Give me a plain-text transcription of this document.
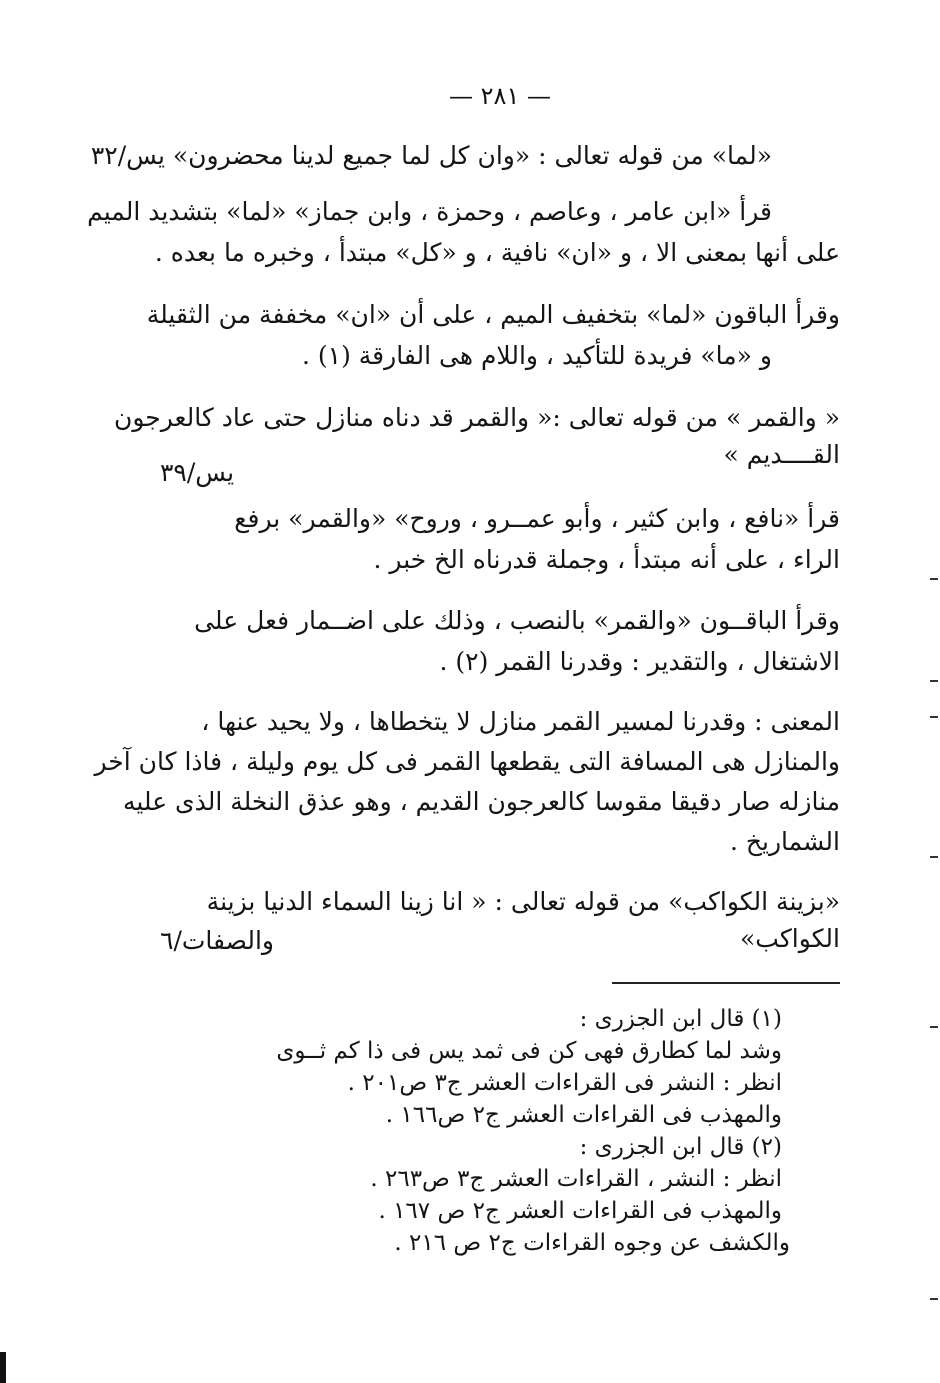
— ٢٨١ —
«لما» من قوله تعالى : «وان كل لما جميع لدينا محضرون» يس/٣٢
قرأ «ابن عامر ، وعاصم ، وحمزة ، وابن جماز» «لما» بتشديد الميم
على أنها بمعنى الا ، و «ان» نافية ، و «كل» مبتدأ ، وخبره ما بعده .
وقرأ الباقون «لما» بتخفيف الميم ، على أن «ان» مخففة من الثقيلة
و «ما» فريدة للتأكيد ، واللام هى الفارقة (١) .
« والقمر » من قوله تعالى :« والقمر قد دناه منازل حتى عاد كالعرجون
القــــديم »
يس/٣٩
قرأ «نافع ، وابن كثير ، وأبو عمــرو ، وروح» «والقمر» برفع
الراء ، على أنه مبتدأ ، وجملة قدرناه الخ خبر .
وقرأ الباقــون «والقمر» بالنصب ، وذلك على اضــمار فعل على
الاشتغال ، والتقدير : وقدرنا القمر (٢) .
المعنى : وقدرنا لمسير القمر منازل لا يتخطاها ، ولا يحيد عنها ،
والمنازل هى المسافة التى يقطعها القمر فى كل يوم وليلة ، فاذا كان آخر
منازله صار دقيقا مقوسا كالعرجون القديم ، وهو عذق النخلة الذى عليه
الشماريخ .
«بزينة الكواكب» من قوله تعالى : « انا زينا السماء الدنيا بزينة
الكواكب»
والصفات/٦
(١) قال ابن الجزرى :
وشد لما كطارق فهى كن فى ثمد يس فى ذا كم ثــوى
انظر : النشر فى القراءات العشر ج٣ ص٢٠١ .
والمهذب فى القراءات العشر ج٢ ص١٦٦ .
(٢) قال ابن الجزرى :
انظر : النشر ، القراءات العشر ج٣ ص٢٦٣ .
والمهذب فى القراءات العشر ج٢ ص ١٦٧ .
والكشف عن وجوه القراءات ج٢ ص ٢١٦ .
